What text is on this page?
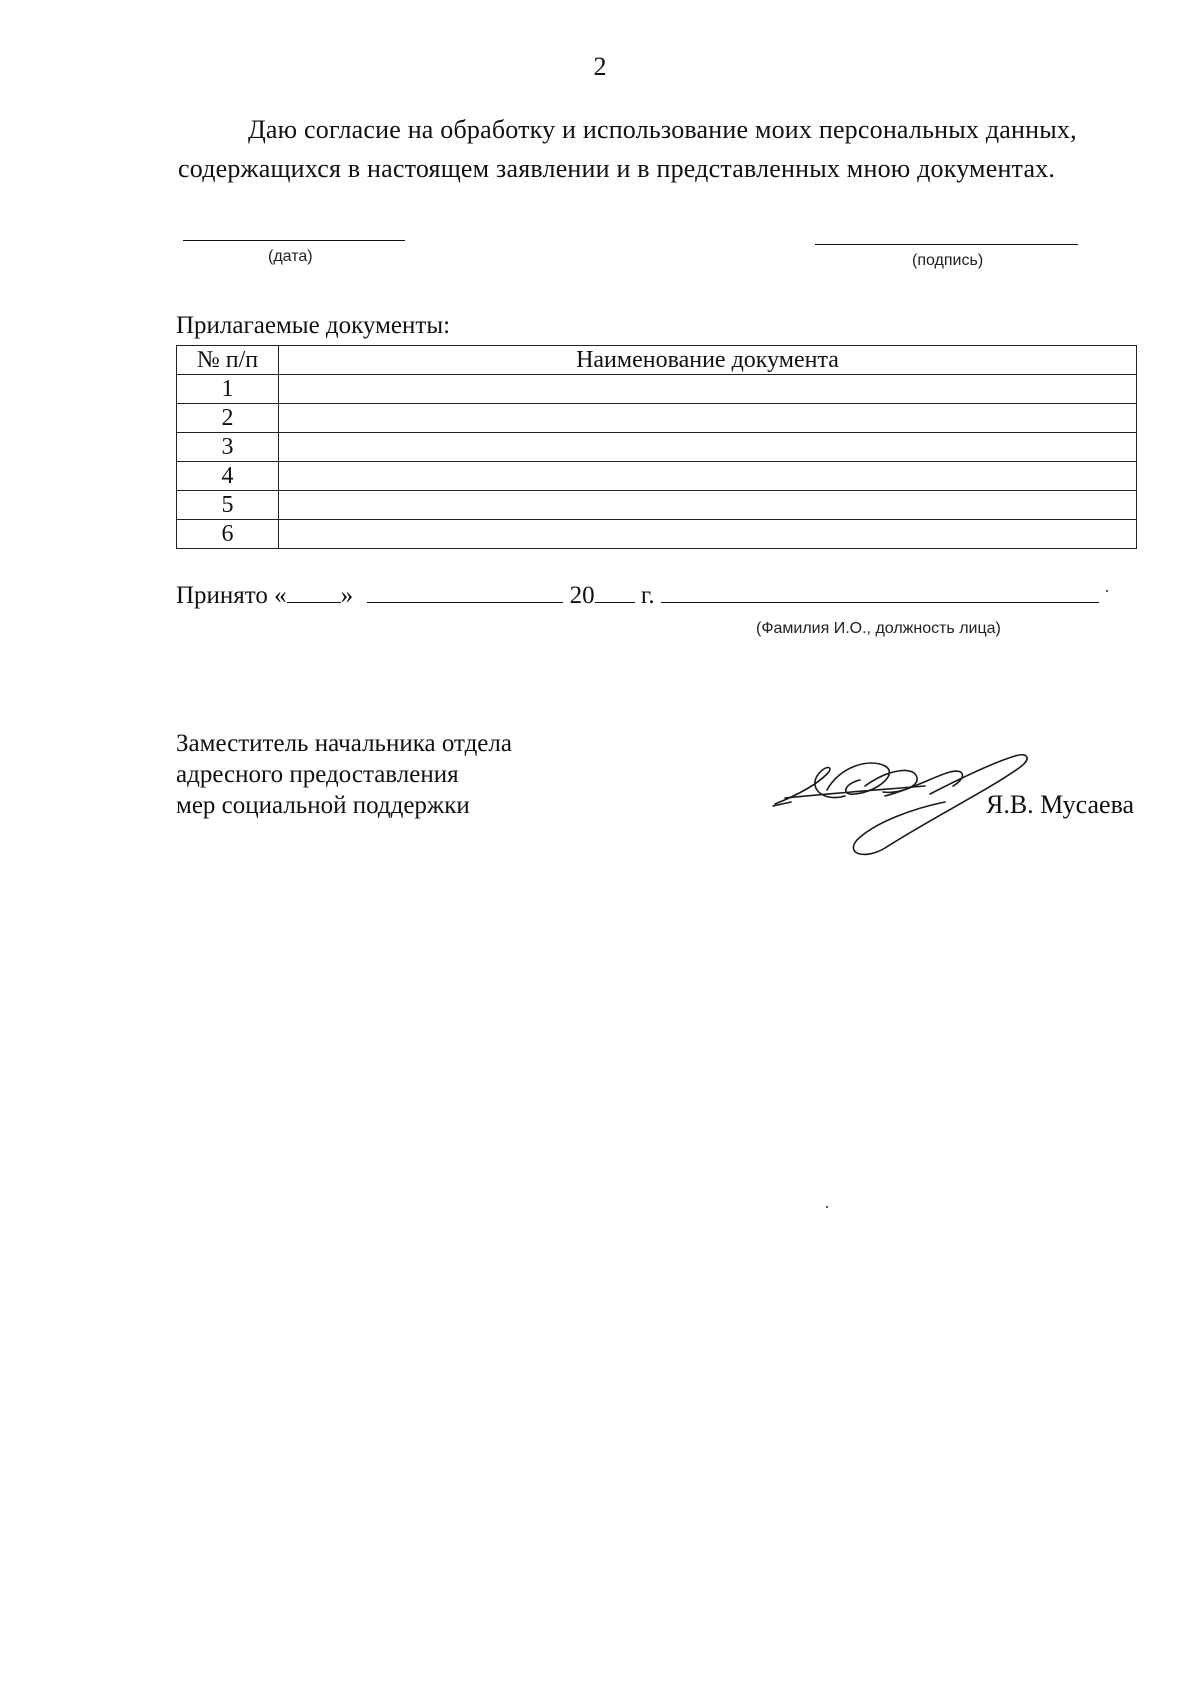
2
Даю согласие на обработку и использование моих персональных данных,
содержащихся в настоящем заявлении и в представленных мною документах.
(дата)	(подпись)
Прилагаемые документы:
№ п/п	Наименование документа
1	
2	
3	
4	
5	
6	
Принято « »	20 г.
(Фамилия И.О., должность лица)
Заместитель начальника отдела
адресного предоставления
мер социальной поддержки	Я.В. Мусаева
